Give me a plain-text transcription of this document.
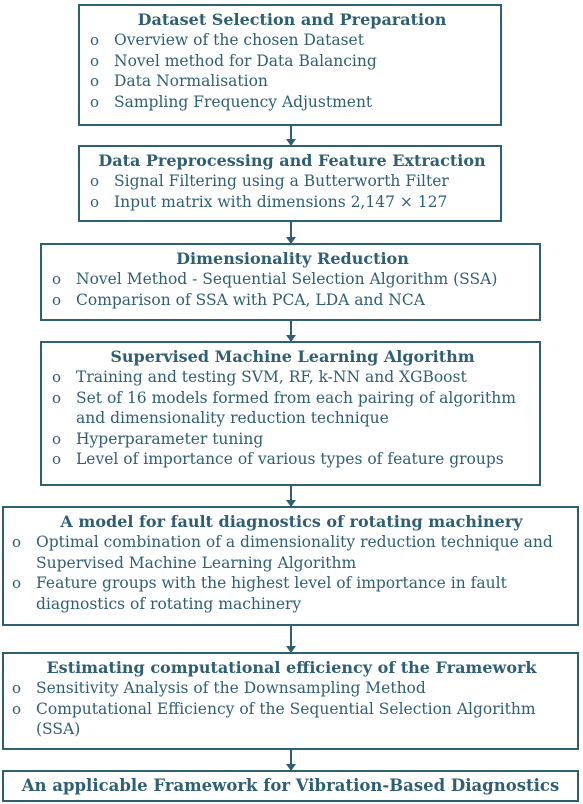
Dataset Selection and Preparation
o Overview of the chosen Dataset
o Novel method for Data Balancing
o Data Normalisation
o Sampling Frequency Adjustment
Data Preprocessing and Feature Extraction
o Signal Filtering using a Butterworth Filter
o Input matrix with dimensions 2,147 × 127
Dimensionality Reduction
o Novel Method - Sequential Selection Algorithm (SSA)
o Comparison of SSA with PCA, LDA and NCA
Supervised Machine Learning Algorithm
o Training and testing SVM, RF, k-NN and XGBoost
o Set of 16 models formed from each pairing of algorithm and dimensionality reduction technique
o Hyperparameter tuning
o Level of importance of various types of feature groups
A model for fault diagnostics of rotating machinery
o Optimal combination of a dimensionality reduction technique and Supervised Machine Learning Algorithm
o Feature groups with the highest level of importance in fault diagnostics of rotating machinery
Estimating computational efficiency of the Framework
o Sensitivity Analysis of the Downsampling Method
o Computational Efficiency of the Sequential Selection Algorithm (SSA)
An applicable Framework for Vibration-Based Diagnostics
